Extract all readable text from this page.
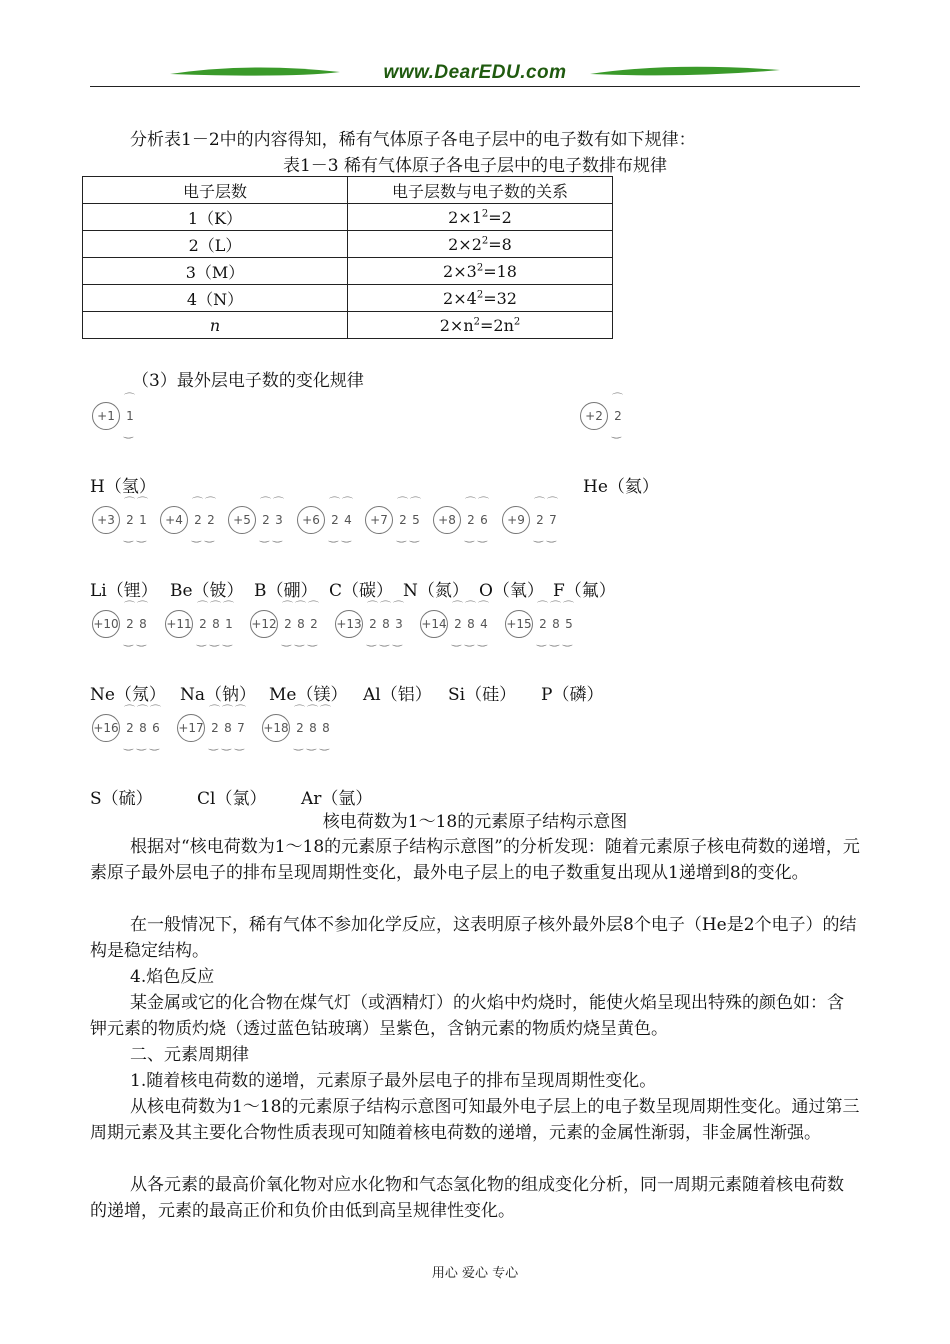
www.DearEDU.com
分析表1－2中的内容得知，稀有气体原子各电子层中的电子数有如下规律：
表1－3 稀有气体原子各电子层中的电子数排布规律
电子层数	电子层数与电子数的关系
1（K）	$2\times 1^2=2$
2（L）	$2\times 2^2=8$
3（M）	$2\times 3^2=18$
4（N）	$2\times 4^2=32$
n	$2\times n^2=2n^2$
（3）最外层电子数的变化规律
+1
⌒
1
‿
+2
⌒
2
‿
+3
⌒
2
‿
⌒
1
‿
+4
⌒
2
‿
⌒
2
‿
+5
⌒
2
‿
⌒
3
‿
+6
⌒
2
‿
⌒
4
‿
+7
⌒
2
‿
⌒
5
‿
+8
⌒
2
‿
⌒
6
‿
+9
⌒
2
‿
⌒
7
‿
+10
⌒
2
‿
⌒
8
‿
+11
⌒
2
‿
⌒
8
‿
⌒
1
‿
+12
⌒
2
‿
⌒
8
‿
⌒
2
‿
+13
⌒
2
‿
⌒
8
‿
⌒
3
‿
+14
⌒
2
‿
⌒
8
‿
⌒
4
‿
+15
⌒
2
‿
⌒
8
‿
⌒
5
‿
+16
⌒
2
‿
⌒
8
‿
⌒
6
‿
+17
⌒
2
‿
⌒
8
‿
⌒
7
‿
+18
⌒
2
‿
⌒
8
‿
⌒
8
‿
H（氢）	He（氦）
Li（锂） Be（铍） B（硼） C（碳） N（氮） O（氧） F（氟）
Ne（氖） Na（钠） Me（镁） Al（铝） Si（硅） P（磷）
S（硫）	Cl（氯） Ar（氩）
核电荷数为1～18的元素原子结构示意图
根据对“核电荷数为1～18的元素原子结构示意图”的分析发现：随着元素原子核电荷数的递增，元素原子最外层电子的排布呈现周期性变化，最外电子层上的电子数重复出现从1递增到8的变化。
在一般情况下，稀有气体不参加化学反应，这表明原子核外最外层8个电子（He是2个电子）的结构是稳定结构。
4.焰色反应
某金属或它的化合物在煤气灯（或酒精灯）的火焰中灼烧时，能使火焰呈现出特殊的颜色如：含钾元素的物质灼烧（透过蓝色钴玻璃）呈紫色，含钠元素的物质灼烧呈黄色。
二、元素周期律
1.随着核电荷数的递增，元素原子最外层电子的排布呈现周期性变化。
从核电荷数为1～18的元素原子结构示意图可知最外电子层上的电子数呈现周期性变化。通过第三周期元素及其主要化合物性质表现可知随着核电荷数的递增，元素的金属性渐弱，非金属性渐强。
从各元素的最高价氧化物对应水化物和气态氢化物的组成变化分析，同一周期元素随着核电荷数的递增，元素的最高正价和负价由低到高呈规律性变化。
用心 爱心 专心
